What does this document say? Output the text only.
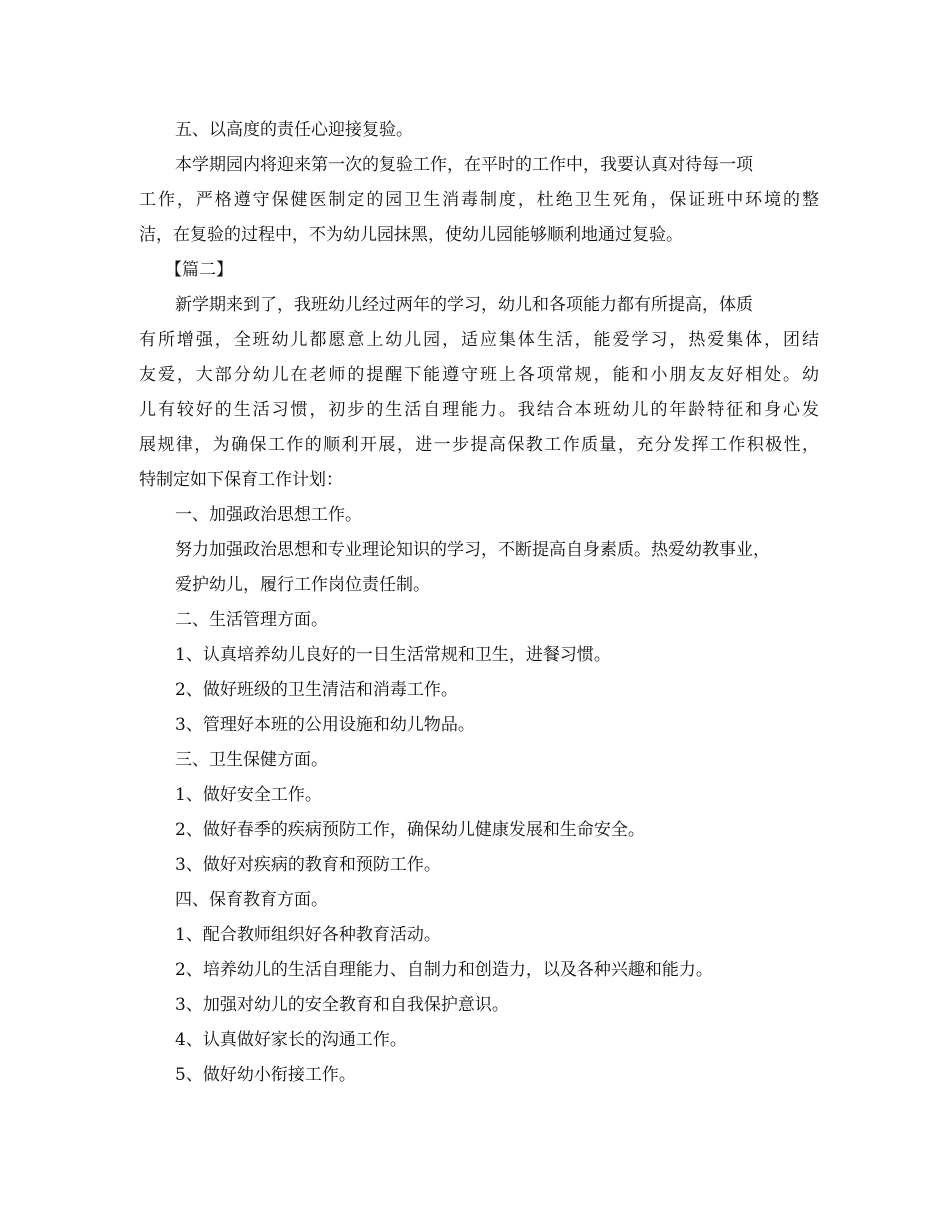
五、以高度的责任心迎接复验。
本学期园内将迎来第一次的复验工作，在平时的工作中，我要认真对待每一项
工作，严格遵守保健医制定的园卫生消毒制度，杜绝卫生死角，保证班中环境的整
洁，在复验的过程中，不为幼儿园抹黑，使幼儿园能够顺利地通过复验。
【篇二】
新学期来到了，我班幼儿经过两年的学习，幼儿和各项能力都有所提高，体质
有所增强，全班幼儿都愿意上幼儿园，适应集体生活，能爱学习，热爱集体，团结
友爱，大部分幼儿在老师的提醒下能遵守班上各项常规，能和小朋友友好相处。幼
儿有较好的生活习惯，初步的生活自理能力。我结合本班幼儿的年龄特征和身心发
展规律，为确保工作的顺利开展，进一步提高保教工作质量，充分发挥工作积极性，
特制定如下保育工作计划：
一、加强政治思想工作。
努力加强政治思想和专业理论知识的学习，不断提高自身素质。热爱幼教事业，
爱护幼儿，履行工作岗位责任制。
二、生活管理方面。
1、认真培养幼儿良好的一日生活常规和卫生，进餐习惯。
2、做好班级的卫生清洁和消毒工作。
3、管理好本班的公用设施和幼儿物品。
三、卫生保健方面。
1、做好安全工作。
2、做好春季的疾病预防工作，确保幼儿健康发展和生命安全。
3、做好对疾病的教育和预防工作。
四、保育教育方面。
1、配合教师组织好各种教育活动。
2、培养幼儿的生活自理能力、自制力和创造力，以及各种兴趣和能力。
3、加强对幼儿的安全教育和自我保护意识。
4、认真做好家长的沟通工作。
5、做好幼小衔接工作。
